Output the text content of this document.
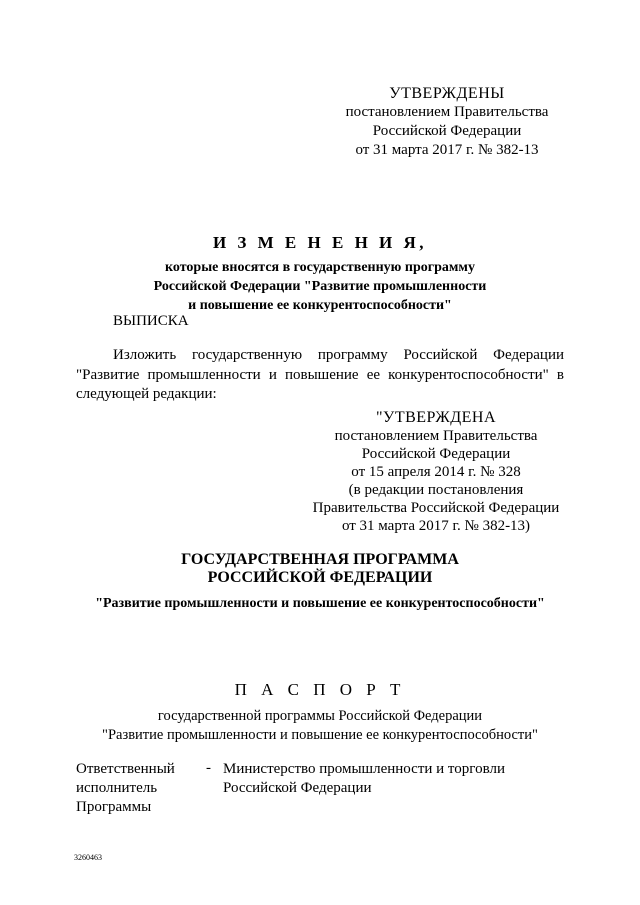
УТВЕРЖДЕНЫ
постановлением Правительства
Российской Федерации
от 31 марта 2017 г. № 382-13
И З М Е Н Е Н И Я,
которые вносятся в государственную программу
Российской Федерации "Развитие промышленности
и повышение ее конкурентоспособности"
ВЫПИСКА
Изложить государственную программу Российской Федерации
"Развитие промышленности и повышение ее конкурентоспособности" в
следующей редакции:
"УТВЕРЖДЕНА
постановлением Правительства
Российской Федерации
от 15 апреля 2014 г. № 328
(в редакции постановления
Правительства Российской Федерации
от 31 марта 2017 г. № 382-13)
ГОСУДАРСТВЕННАЯ ПРОГРАММА
РОССИЙСКОЙ ФЕДЕРАЦИИ
"Развитие промышленности и повышение ее конкурентоспособности"
П А С П О Р Т
государственной программы Российской Федерации
"Развитие промышленности и повышение ее конкурентоспособности"
Ответственный
исполнитель
Программы
- Министерство промышленности и торговли
Российской Федерации
3260463
